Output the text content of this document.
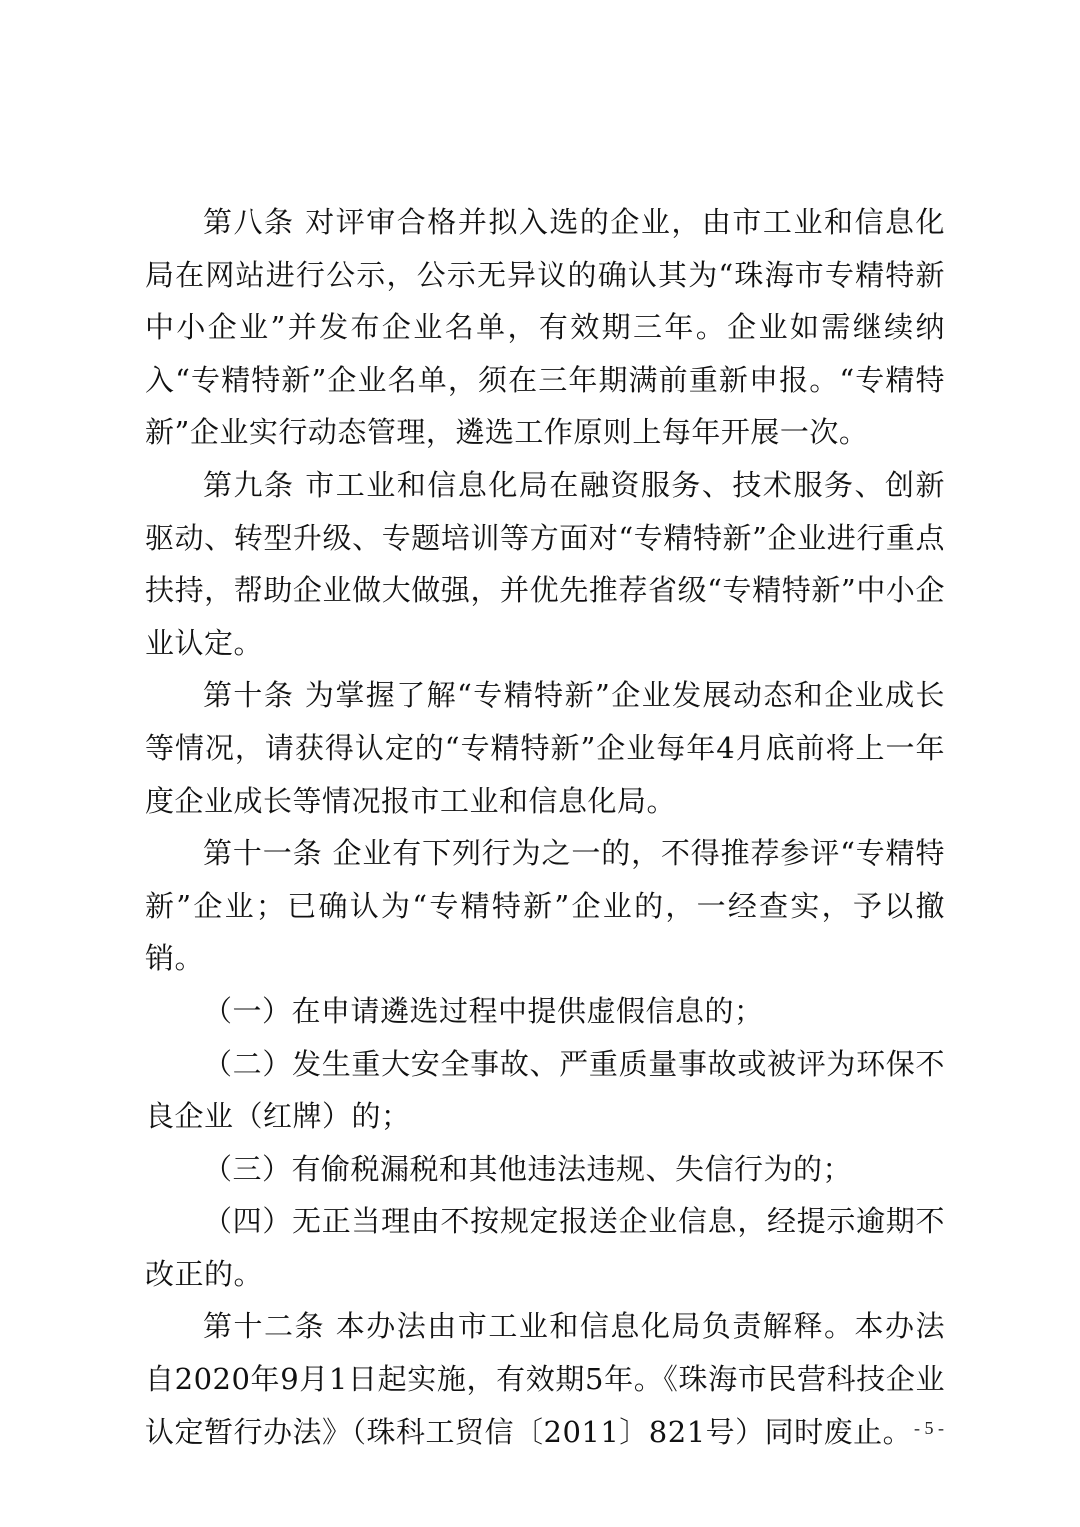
第八条 对评审合格并拟入选的企业，由市工业和信息化局在网站进行公示，公示无异议的确认其为“珠海市专精特新中小企业”并发布企业名单，有效期三年。企业如需继续纳入“专精特新”企业名单，须在三年期满前重新申报。“专精特新”企业实行动态管理，遴选工作原则上每年开展一次。

第九条 市工业和信息化局在融资服务、技术服务、创新驱动、转型升级、专题培训等方面对“专精特新”企业进行重点扶持，帮助企业做大做强，并优先推荐省级“专精特新”中小企业认定。

第十条 为掌握了解“专精特新”企业发展动态和企业成长等情况，请获得认定的“专精特新”企业每年4月底前将上一年度企业成长等情况报市工业和信息化局。

第十一条 企业有下列行为之一的，不得推荐参评“专精特新”企业；已确认为“专精特新”企业的，一经查实，予以撤销。

（一）在申请遴选过程中提供虚假信息的；

（二）发生重大安全事故、严重质量事故或被评为环保不良企业（红牌）的；

（三）有偷税漏税和其他违法违规、失信行为的；

（四）无正当理由不按规定报送企业信息，经提示逾期不改正的。

第十二条 本办法由市工业和信息化局负责解释。本办法自2020年9月1日起实施，有效期5年。《珠海市民营科技企业认定暂行办法》（珠科工贸信〔2011〕821号）同时废止。 - 5 -
